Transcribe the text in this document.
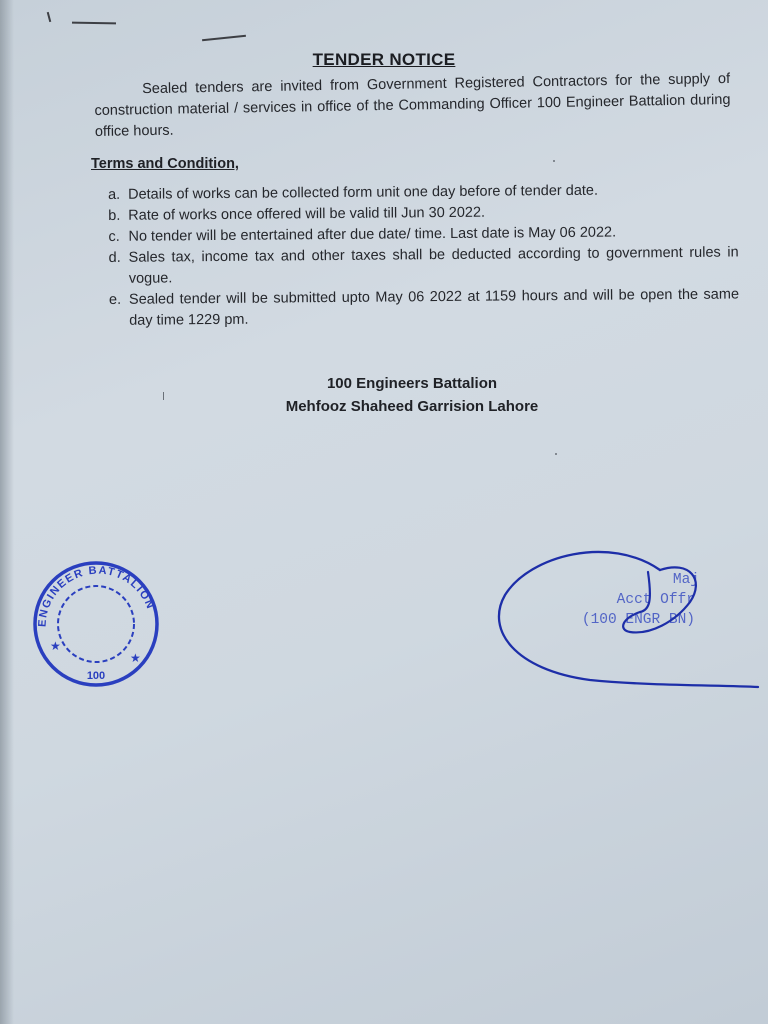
TENDER NOTICE

Sealed tenders are invited from Government Registered Contractors for the supply of construction material / services in office of the Commanding Officer 100 Engineer Battalion during office hours.

Terms and Condition,
a. Details of works can be collected form unit one day before of tender date.
b. Rate of works once offered will be valid till Jun 30 2022.
c. No tender will be entertained after due date/ time. Last date is May 06 2022.
d. Sales tax, income tax and other taxes shall be deducted according to government rules in vogue.
e. Sealed tender will be submitted upto May 06 2022 at 1159 hours and will be open the same day time 1229 pm.
100 Engineers Battalion
Mehfooz Shaheed Garrision Lahore
ENGINEER BATTALION
★
★
100
Maj
Acct Offr
(100 ENGR BN)
